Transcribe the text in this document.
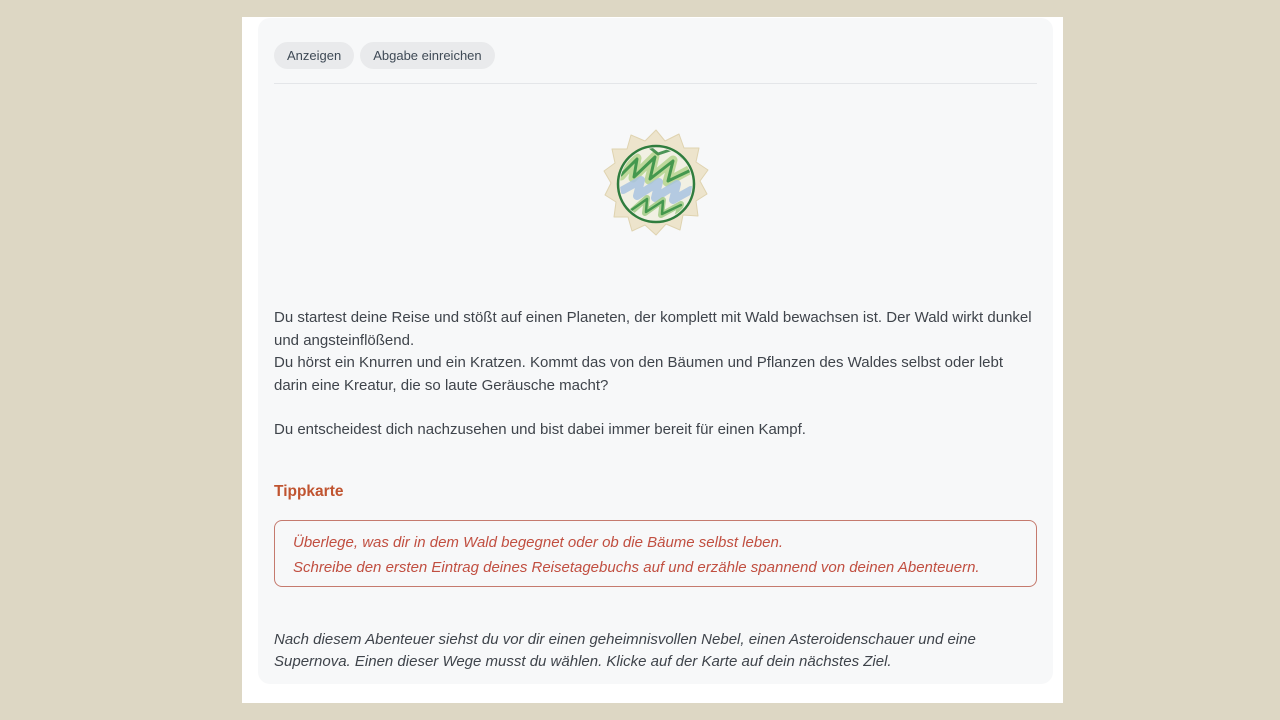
Anzeigen	Abgabe einreichen

Du startest deine Reise und stößt auf einen Planeten, der komplett mit Wald bewachsen ist. Der Wald wirkt dunkel und angsteinflößend.

Du hörst ein Knurren und ein Kratzen. Kommt das von den Bäumen und Pflanzen des Waldes selbst oder lebt darin eine Kreatur, die so laute Geräusche macht?

Du entscheidest dich nachzusehen und bist dabei immer bereit für einen Kampf.

Tippkarte
Überlege, was dir in dem Wald begegnet oder ob die Bäume selbst leben.
Schreibe den ersten Eintrag deines Reisetagebuchs auf und erzähle spannend von deinen Abenteuern.
Nach diesem Abenteuer siehst du vor dir einen geheimnisvollen Nebel, einen Asteroidenschauer und eine Supernova. Einen dieser Wege musst du wählen. Klicke auf der Karte auf dein nächstes Ziel.
